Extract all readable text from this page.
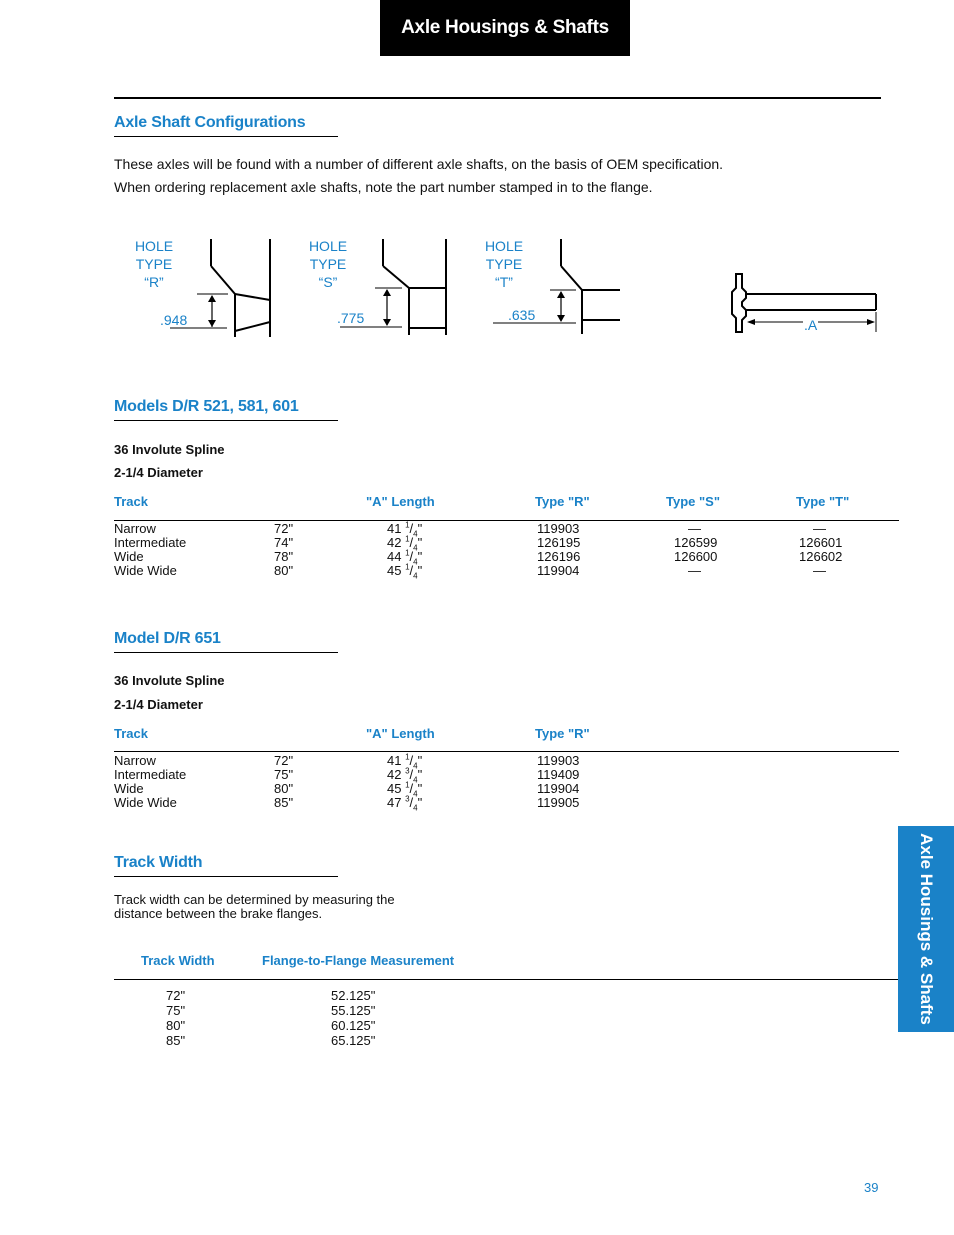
Axle Housings & Shafts
Axle Shaft Configurations
These axles will be found with a number of different axle shafts, on the basis of OEM specification.
When ordering replacement axle shafts, note the part number stamped in to the flange.
HOLE
TYPE
“R”
.948
HOLE
TYPE
“S”
.775
HOLE
TYPE
“T”
.635
.A
Models D/R 521, 581, 601
36 Involute Spline
2-1/4 Diameter
Track	"A" Length	Type "R"	Type "S"	Type "T"
Narrow	72"	41 $^1/_4$"	119903	—	—
Intermediate	74"	42 $^1/_4$"	126195	126599	126601
Wide	78"	44 $^1/_4$"	126196	126600	126602
Wide Wide	80"	45 $^1/_4$"	119904	—	—
Model D/R 651
36 Involute Spline
2-1/4 Diameter
Track	"A" Length	Type "R"
Narrow	72"	41 $^1/_4$"	119903
Intermediate	75"	42 $^3/_4$"	119409
Wide	80"	45 $^1/_4$"	119904
Wide Wide	85"	47 $^3/_4$"	119905
Track Width
Track width can be determined by measuring the
distance between the brake flanges.
Track Width	Flange-to-Flange Measurement
72"	52.125"
75"	55.125"
80"	60.125"
85"	65.125"
Axle Housings & Shafts
39
